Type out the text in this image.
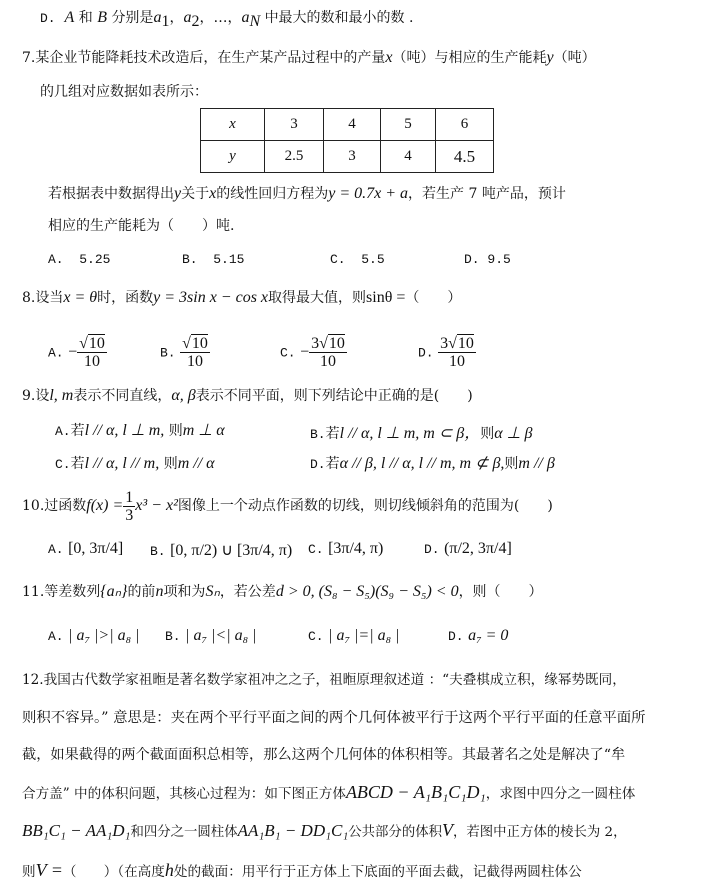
D. A 和 B 分别是$a_1$，$a_2$，…，$a_N$ 中最大的数和最小的数 .
7.某企业节能降耗技术改造后，在生产某产品过程中的产量x（吨）与相应的生产能耗y（吨）
的几组对应数据如表所示：
x	3	4	5	6
y	2.5	3	4	4.5
若根据表中数据得出y关于x的线性回归方程为y = 0.7x + a，若生产 7 吨产品，预计
相应的生产能耗为（　　）吨.
A. 5.25	B. 5.15	C. 5.5	D. 9.5
8.设当x = θ时，函数y = 3sin x − cos x取得最大值，则sinθ =（　　）
A. − $\frac{√10}{10}$	B. $\frac{√10}{10}$	C. − $\frac{3√10}{10}$	D. $\frac{3√10}{10}$
9.设l, m表示不同直线，α, β表示不同平面，则下列结论中正确的是(　　)
A.若l // α, l ⊥ m, 则m ⊥ α	B.若l // α, l ⊥ m, m ⊂ β，则α ⊥ β
C.若l // α, l // m, 则m // α	D.若α // β, l // α, l // m, m ⊄ β,则m // β
10.过函数$f(x) = \frac{1}{3} x^3 - x^2$图像上一个动点作函数的切线，则切线倾斜角的范围为(　　)
A. [0, 3π/4] B. [0, π/2) ∪ [3π/4, π) C. [3π/4, π)	D. (π/2, 3π/4]
11.等差数列{aₙ}的前n项和为Sₙ，若公差d > 0, (S₈ − S₅)(S₉ − S₅) < 0，则（　　）
A. | a₇ |>| a₈ | B. | a₇ |<| a₈ |	C. | a₇ |=| a₈ |	D. a₇ = 0
12.我国古代数学家祖暅是著名数学家祖冲之之子，祖暅原理叙述道 ：“夫叠棋成立积，缘幂势既同，
则积不容异。” 意思是：夹在两个平行平面之间的两个几何体被平行于这两个平行平面的任意平面所
截，如果截得的两个截面面积总相等，那么这两个几何体的体积相等。其最著名之处是解决了“牟
合方盖” 中的体积问题，其核心过程为：如下图正方体ABCD − A₁B₁C₁D₁，求图中四分之一圆柱体
BB₁C₁ − AA₁D₁和四分之一圆柱体AA₁B₁ − DD₁C₁公共部分的体积V，若图中正方体的棱长为 2，
则V =（　　）（在高度h处的截面：用平行于正方体上下底面的平面去截，记截得两圆柱体公
